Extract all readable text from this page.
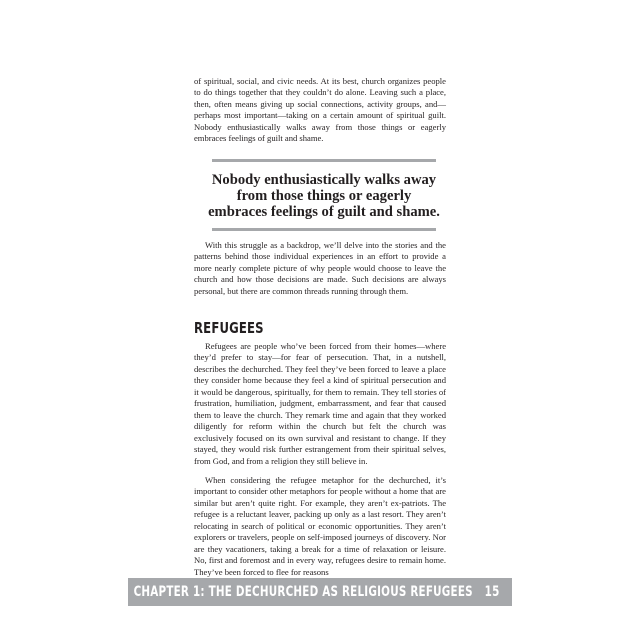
of spiritual, social, and civic needs. At its best, church organizes people to do things together that they couldn’t do alone. Leaving such a place, then, often means giving up social connections, activity groups, and—perhaps most important—taking on a certain amount of spiritual guilt. Nobody enthusiastically walks away from those things or eagerly embraces feelings of guilt and shame.

Nobody enthusiastically walks away from those things or eagerly embraces feelings of guilt and shame.

With this struggle as a backdrop, we’ll delve into the stories and the patterns behind those individual experiences in an effort to provide a more nearly complete picture of why people would choose to leave the church and how those decisions are made. Such decisions are always personal, but there are common threads running through them.

REFUGEES

Refugees are people who’ve been forced from their homes—where they’d prefer to stay—for fear of persecution. That, in a nutshell, describes the dechurched. They feel they’ve been forced to leave a place they consider home because they feel a kind of spiritual persecution and it would be dangerous, spiritually, for them to remain. They tell stories of frustration, humiliation, judgment, embarrassment, and fear that caused them to leave the church. They remark time and again that they worked diligently for reform within the church but felt the church was exclusively focused on its own survival and resistant to change. If they stayed, they would risk further estrangement from their spiritual selves, from God, and from a religion they still believe in.

When considering the refugee metaphor for the dechurched, it’s important to consider other metaphors for people without a home that are similar but aren’t quite right. For example, they aren’t ex-patriots. The refugee is a reluctant leaver, packing up only as a last resort. They aren’t relocating in search of political or economic opportunities. They aren’t explorers or travelers, people on self-imposed journeys of discovery. Nor are they vacationers, taking a break for a time of relaxation or leisure. No, first and foremost and in every way, refugees desire to remain home. They’ve been forced to flee for reasons

CHAPTER 1: THE DECHURCHED AS RELIGIOUS REFUGEES 15
